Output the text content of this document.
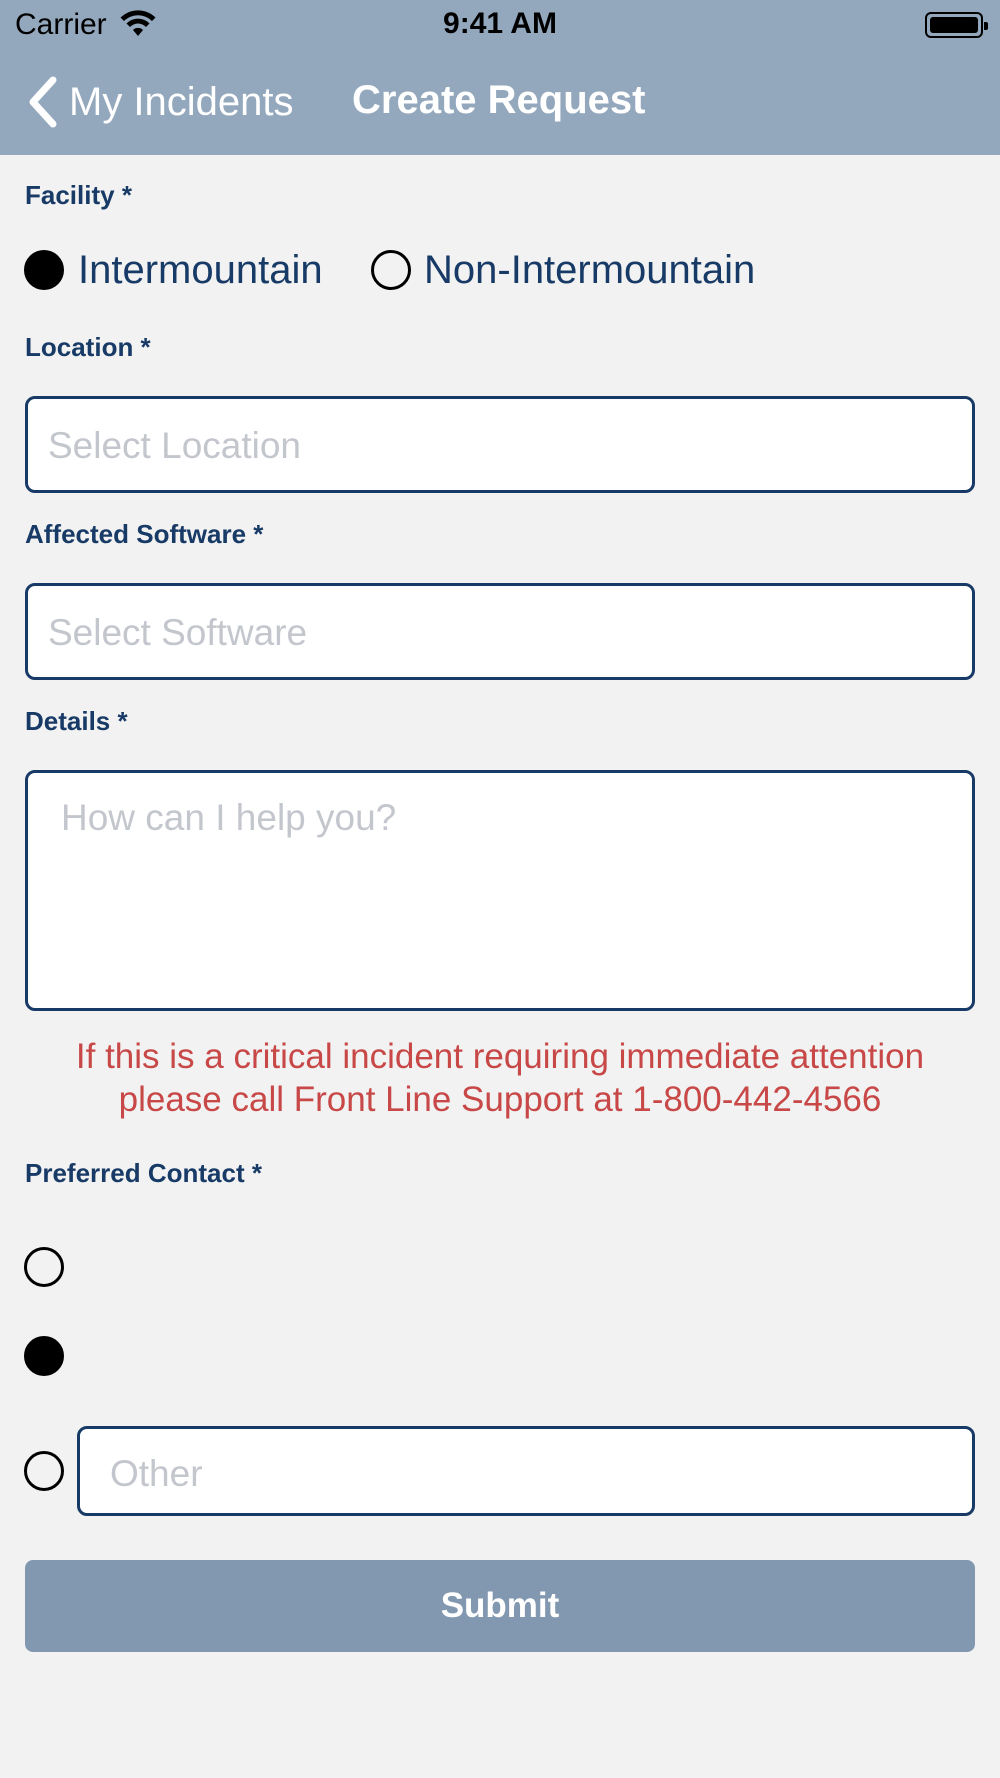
Carrier	9:41 AM
My Incidents Create Request
Facility *
Intermountain	Non-Intermountain
Location *
Select Location
Affected Software *
Select Software
Details *
How can I help you?
If this is a critical incident requiring immediate attention please call Front Line Support at 1-800-442-4566
Preferred Contact *
Other
Submit
